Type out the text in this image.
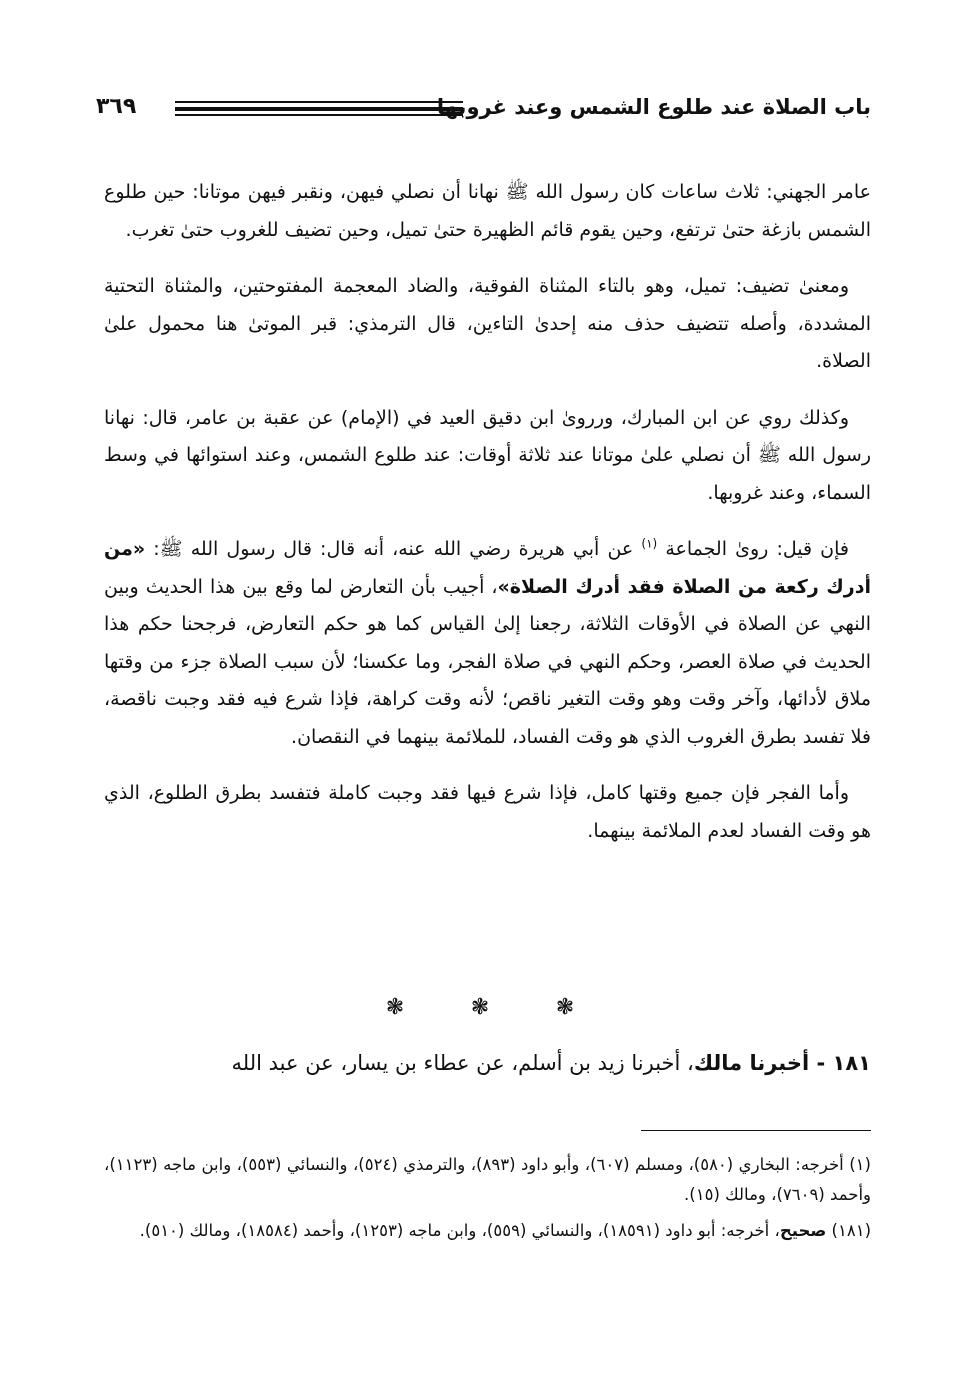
باب الصلاة عند طلوع الشمس وعند غروبها
٣٦٩

عامر الجهني: ثلاث ساعات كان رسول الله ﷺ نهانا أن نصلي فيهن، ونقبر فيهن موتانا: حين طلوع الشمس بازغة حتىٰ ترتفع، وحين يقوم قائم الظهيرة حتىٰ تميل، وحين تضيف للغروب حتىٰ تغرب.

ومعنىٰ تضيف: تميل، وهو بالتاء المثناة الفوقية، والضاد المعجمة المفتوحتين، والمثناة التحتية المشددة، وأصله تتضيف حذف منه إحدىٰ التاءين، قال الترمذي: قبر الموتىٰ هنا محمول علىٰ الصلاة.

وكذلك روي عن ابن المبارك، ورروىٰ ابن دقيق العيد في (الإمام) عن عقبة بن عامر، قال: نهانا رسول الله ﷺ أن نصلي علىٰ موتانا عند ثلاثة أوقات: عند طلوع الشمس، وعند استوائها في وسط السماء، وعند غروبها.

فإن قيل: روىٰ الجماعة $^{(١)}$ عن أبي هريرة رضي الله عنه، أنه قال: قال رسول الله ﷺ: «من أدرك ركعة من الصلاة فقد أدرك الصلاة»، أجيب بأن التعارض لما وقع بين هذا الحديث وبين النهي عن الصلاة في الأوقات الثلاثة، رجعنا إلىٰ القياس كما هو حكم التعارض، فرجحنا حكم هذا الحديث في صلاة العصر، وحكم النهي في صلاة الفجر، وما عكسنا؛ لأن سبب الصلاة جزء من وقتها ملاق لأدائها، وآخر وقت وهو وقت التغير ناقص؛ لأنه وقت كراهة، فإذا شرع فيه فقد وجبت ناقصة، فلا تفسد بطرق الغروب الذي هو وقت الفساد، للملائمة بينهما في النقصان.

وأما الفجر فإن جميع وقتها كامل، فإذا شرع فيها فقد وجبت كاملة فتفسد بطرق الطلوع، الذي هو وقت الفساد لعدم الملائمة بينهما.

❃	❃	❃
١٨١ - أخبرنا مالك، أخبرنا زيد بن أسلم، عن عطاء بن يسار، عن عبد الله

(١) أخرجه: البخاري (٥٨٠)، ومسلم (٦٠٧)، وأبو داود (٨٩٣)، والترمذي (٥٢٤)، والنسائي (٥٥٣)، وابن ماجه (١١٢٣)، وأحمد (٧٦٠٩)، ومالك (١٥).

(١٨١) صحيح، أخرجه: أبو داود (١٨٥٩١)، والنسائي (٥٥٩)، وابن ماجه (١٢٥٣)، وأحمد (١٨٥٨٤)، ومالك (٥١٠).
